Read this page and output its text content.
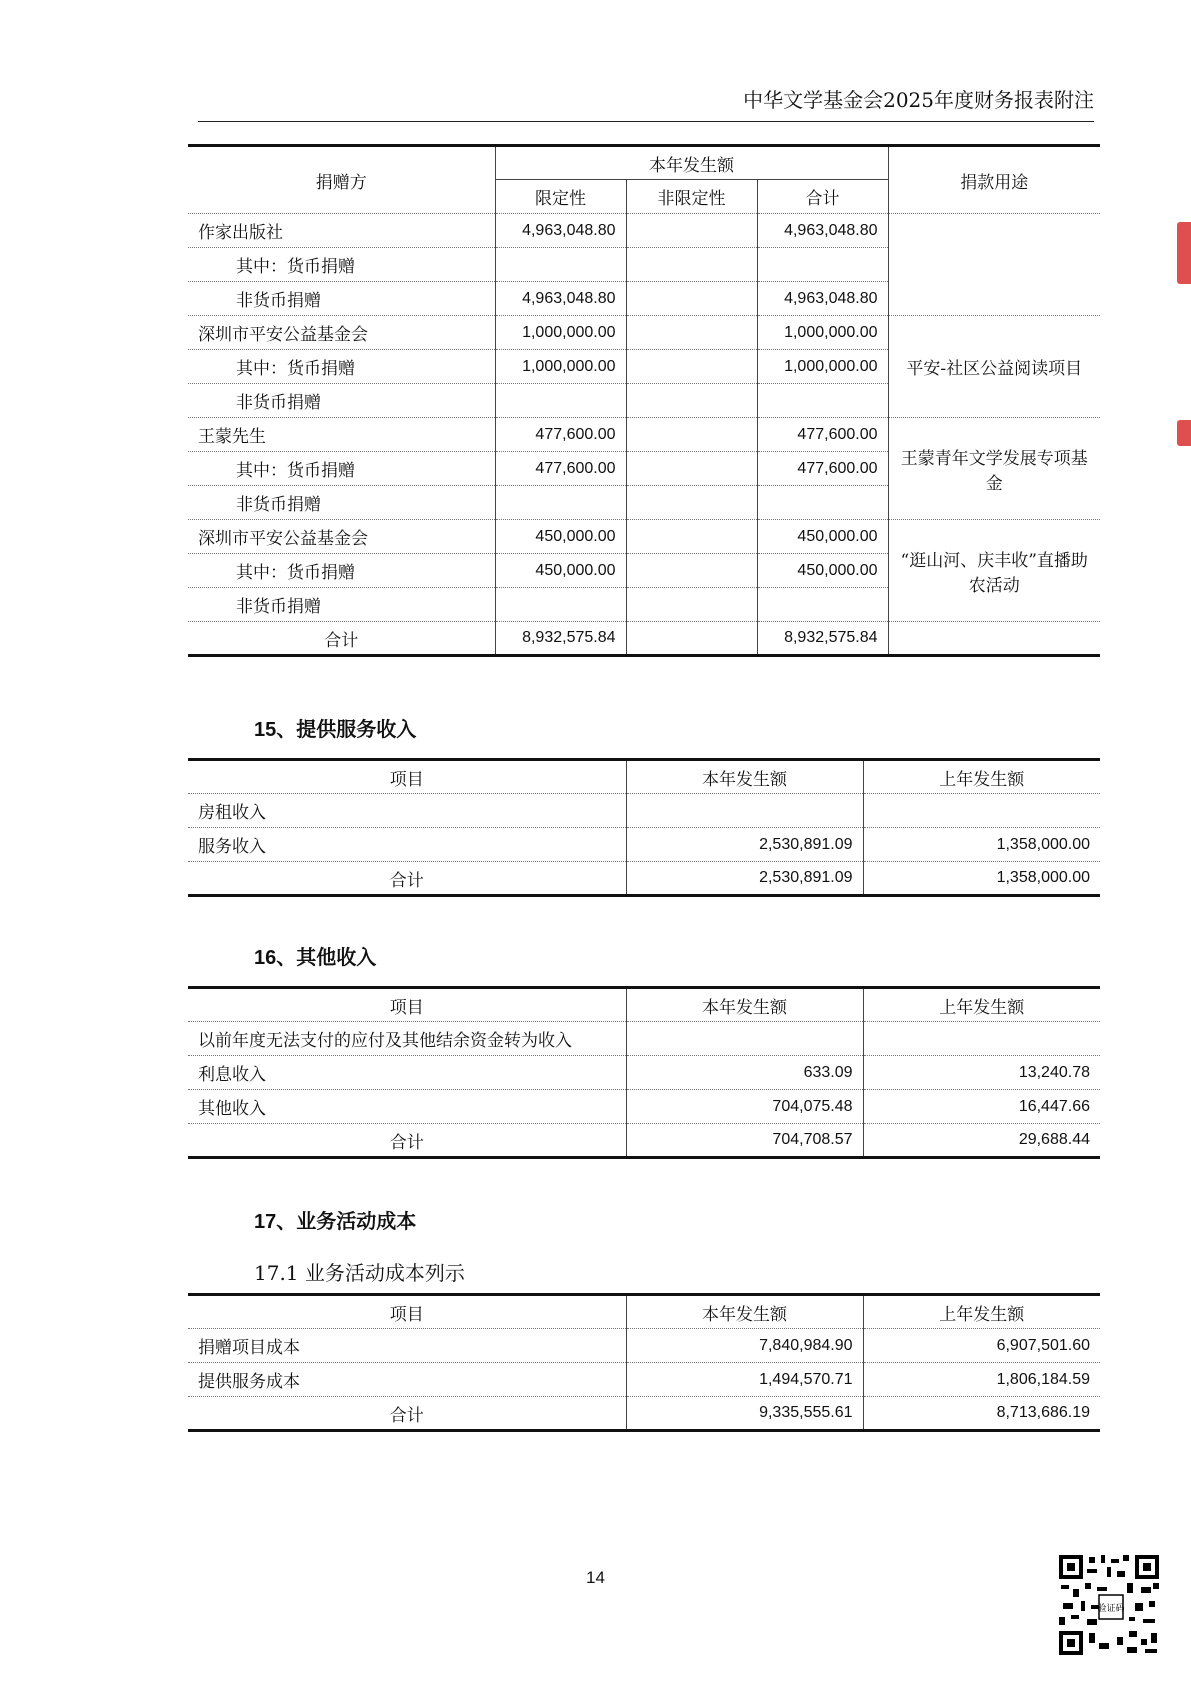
中华文学基金会2025年度财务报表附注
捐赠方	本年发生额			捐款用途
	限定性	非限定性	合计	
作家出版社	4,963,048.80		4,963,048.80	
其中：货币捐赠				
非货币捐赠	4,963,048.80		4,963,048.80	
深圳市平安公益基金会	1,000,000.00		1,000,000.00	平安-社区公益阅读项目
其中：货币捐赠	1,000,000.00		1,000,000.00	
非货币捐赠				
王蒙先生	477,600.00		477,600.00	王蒙青年文学发展专项基金
其中：货币捐赠	477,600.00		477,600.00	
非货币捐赠				
深圳市平安公益基金会	450,000.00		450,000.00	“逛山河、庆丰收”直播助农活动
其中：货币捐赠	450,000.00		450,000.00	
非货币捐赠				
合计	8,932,575.84		8,932,575.84	
15、提供服务收入
项目	本年发生额	上年发生额
房租收入		
服务收入	2,530,891.09	1,358,000.00
合计	2,530,891.09	1,358,000.00
16、其他收入
项目	本年发生额	上年发生额
以前年度无法支付的应付及其他结余资金转为收入		
利息收入	633.09	13,240.78
其他收入	704,075.48	16,447.66
合计	704,708.57	29,688.44
17、业务活动成本
17.1 业务活动成本列示
项目	本年发生额	上年发生额
捐赠项目成本	7,840,984.90	6,907,501.60
提供服务成本	1,494,570.71	1,806,184.59
合计	9,335,555.61	8,713,686.19
14
验证码
